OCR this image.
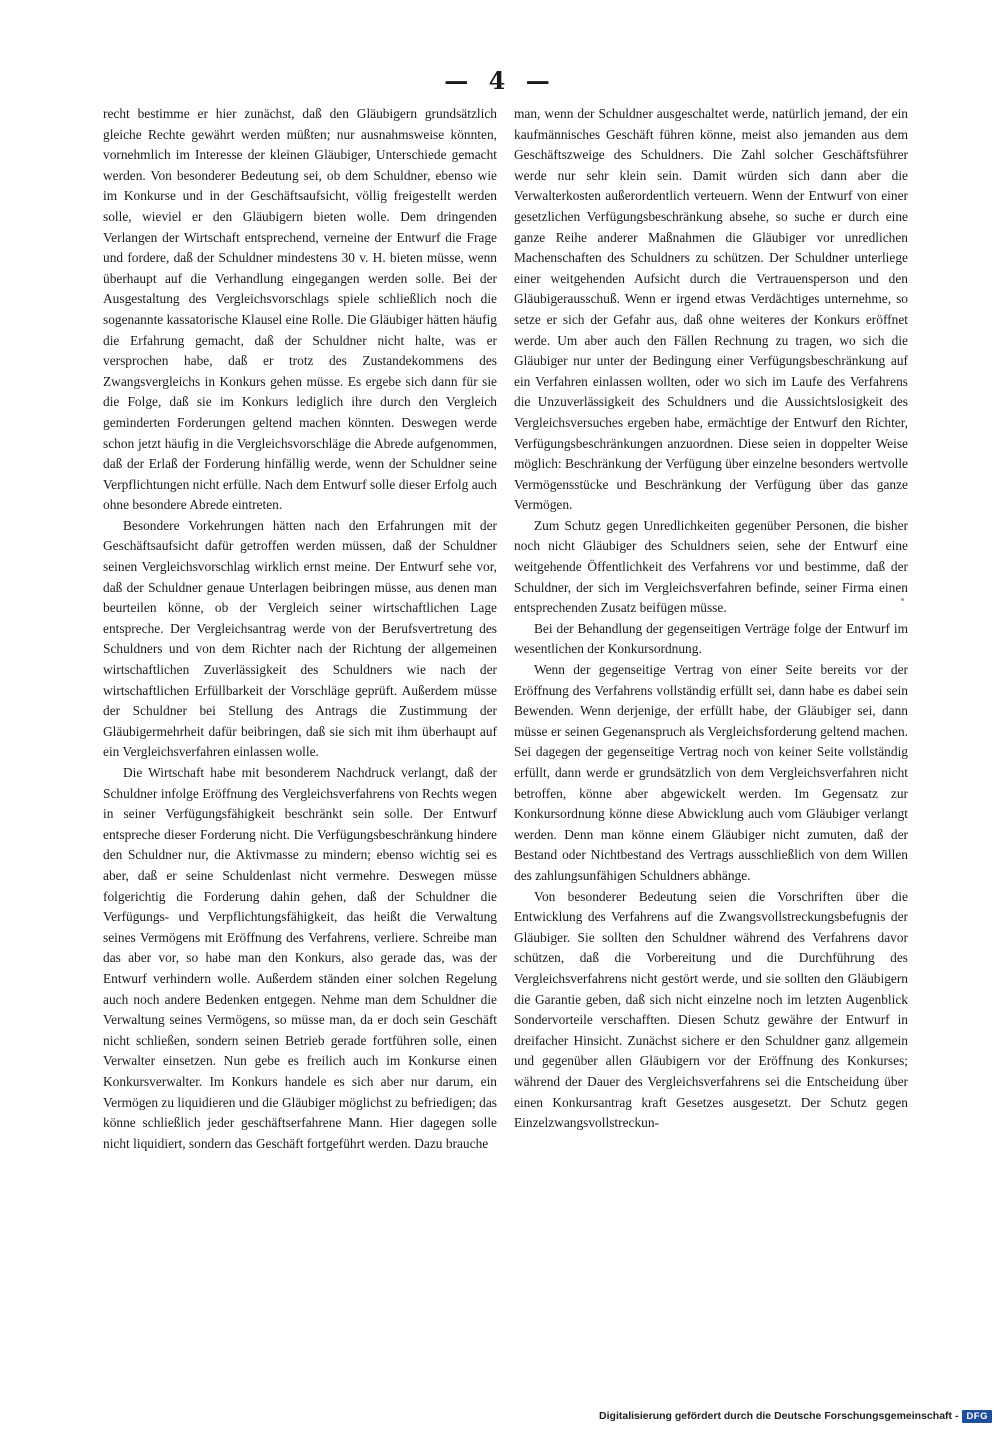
— 4 —

recht bestimme er hier zunächst, daß den Gläubigern grundsätzlich gleiche Rechte gewährt werden müßten; nur ausnahmsweise könnten, vornehmlich im Interesse der kleinen Gläubiger, Unterschiede gemacht werden. Von besonderer Bedeutung sei, ob dem Schuldner, ebenso wie im Konkurse und in der Geschäftsaufsicht, völlig freigestellt werden solle, wieviel er den Gläubigern bieten wolle. Dem dringenden Verlangen der Wirtschaft entsprechend, verneine der Entwurf die Frage und fordere, daß der Schuldner mindestens 30 v. H. bieten müsse, wenn überhaupt auf die Verhandlung eingegangen werden solle. Bei der Ausgestaltung des Vergleichsvorschlags spiele schließlich noch die sogenannte kassatorische Klausel eine Rolle. Die Gläubiger hätten häufig die Erfahrung gemacht, daß der Schuldner nicht halte, was er versprochen habe, daß er trotz des Zustandekommens des Zwangsvergleichs in Konkurs gehen müsse. Es ergebe sich dann für sie die Folge, daß sie im Konkurs lediglich ihre durch den Vergleich geminderten Forderungen geltend machen könnten. Deswegen werde schon jetzt häufig in die Vergleichsvorschläge die Abrede aufgenommen, daß der Erlaß der Forderung hinfällig werde, wenn der Schuldner seine Verpflichtungen nicht erfülle. Nach dem Entwurf solle dieser Erfolg auch ohne besondere Abrede eintreten.

Besondere Vorkehrungen hätten nach den Erfahrungen mit der Geschäftsaufsicht dafür getroffen werden müssen, daß der Schuldner seinen Vergleichsvorschlag wirklich ernst meine. Der Entwurf sehe vor, daß der Schuldner genaue Unterlagen beibringen müsse, aus denen man beurteilen könne, ob der Vergleich seiner wirtschaftlichen Lage entspreche. Der Vergleichsantrag werde von der Berufsvertretung des Schuldners und von dem Richter nach der Richtung der allgemeinen wirtschaftlichen Zuverlässigkeit des Schuldners wie nach der wirtschaftlichen Erfüllbarkeit der Vorschläge geprüft. Außerdem müsse der Schuldner bei Stellung des Antrags die Zustimmung der Gläubigermehrheit dafür beibringen, daß sie sich mit ihm überhaupt auf ein Vergleichsverfahren einlassen wolle.

Die Wirtschaft habe mit besonderem Nachdruck verlangt, daß der Schuldner infolge Eröffnung des Vergleichsverfahrens von Rechts wegen in seiner Verfügungsfähigkeit beschränkt sein solle. Der Entwurf entspreche dieser Forderung nicht. Die Verfügungsbeschränkung hindere den Schuldner nur, die Aktivmasse zu mindern; ebenso wichtig sei es aber, daß er seine Schuldenlast nicht vermehre. Deswegen müsse folgerichtig die Forderung dahin gehen, daß der Schuldner die Verfügungs- und Verpflichtungsfähigkeit, das heißt die Verwaltung seines Vermögens mit Eröffnung des Verfahrens, verliere. Schreibe man das aber vor, so habe man den Konkurs, also gerade das, was der Entwurf verhindern wolle. Außerdem ständen einer solchen Regelung auch noch andere Bedenken entgegen. Nehme man dem Schuldner die Verwaltung seines Vermögens, so müsse man, da er doch sein Geschäft nicht schließen, sondern seinen Betrieb gerade fortführen solle, einen Verwalter einsetzen. Nun gebe es freilich auch im Konkurse einen Konkursverwalter. Im Konkurs handele es sich aber nur darum, ein Vermögen zu liquidieren und die Gläubiger möglichst zu befriedigen; das könne schließlich jeder geschäftserfahrene Mann. Hier dagegen solle nicht liquidiert, sondern das Geschäft fortgeführt werden. Dazu brauche

man, wenn der Schuldner ausgeschaltet werde, natürlich jemand, der ein kaufmännisches Geschäft führen könne, meist also jemanden aus dem Geschäftszweige des Schuldners. Die Zahl solcher Geschäftsführer werde nur sehr klein sein. Damit würden sich dann aber die Verwalterkosten außerordentlich verteuern. Wenn der Entwurf von einer gesetzlichen Verfügungsbeschränkung absehe, so suche er durch eine ganze Reihe anderer Maßnahmen die Gläubiger vor unredlichen Machenschaften des Schuldners zu schützen. Der Schuldner unterliege einer weitgehenden Aufsicht durch die Vertrauensperson und den Gläubigerausschuß. Wenn er irgend etwas Verdächtiges unternehme, so setze er sich der Gefahr aus, daß ohne weiteres der Konkurs eröffnet werde. Um aber auch den Fällen Rechnung zu tragen, wo sich die Gläubiger nur unter der Bedingung einer Verfügungsbeschränkung auf ein Verfahren einlassen wollten, oder wo sich im Laufe des Verfahrens die Unzuverlässigkeit des Schuldners und die Aussichtslosigkeit des Vergleichsversuches ergeben habe, ermächtige der Entwurf den Richter, Verfügungsbeschränkungen anzuordnen. Diese seien in doppelter Weise möglich: Beschränkung der Verfügung über einzelne besonders wertvolle Vermögensstücke und Beschränkung der Verfügung über das ganze Vermögen.

Zum Schutz gegen Unredlichkeiten gegenüber Personen, die bisher noch nicht Gläubiger des Schuldners seien, sehe der Entwurf eine weitgehende Öffentlichkeit des Verfahrens vor und bestimme, daß der Schuldner, der sich im Vergleichsverfahren befinde, seiner Firma einen entsprechenden Zusatz beifügen müsse.

Bei der Behandlung der gegenseitigen Verträge folge der Entwurf im wesentlichen der Konkursordnung.

Wenn der gegenseitige Vertrag von einer Seite bereits vor der Eröffnung des Verfahrens vollständig erfüllt sei, dann habe es dabei sein Bewenden. Wenn derjenige, der erfüllt habe, der Gläubiger sei, dann müsse er seinen Gegenanspruch als Vergleichsforderung geltend machen. Sei dagegen der gegenseitige Vertrag noch von keiner Seite vollständig erfüllt, dann werde er grundsätzlich von dem Vergleichsverfahren nicht betroffen, könne aber abgewickelt werden. Im Gegensatz zur Konkursordnung könne diese Abwicklung auch vom Gläubiger verlangt werden. Denn man könne einem Gläubiger nicht zumuten, daß der Bestand oder Nichtbestand des Vertrags ausschließlich von dem Willen des zahlungsunfähigen Schuldners abhänge.

Von besonderer Bedeutung seien die Vorschriften über die Entwicklung des Verfahrens auf die Zwangsvollstreckungsbefugnis der Gläubiger. Sie sollten den Schuldner während des Verfahrens davor schützen, daß die Vorbereitung und die Durchführung des Vergleichsverfahrens nicht gestört werde, und sie sollten den Gläubigern die Garantie geben, daß sich nicht einzelne noch im letzten Augenblick Sondervorteile verschafften. Diesen Schutz gewähre der Entwurf in dreifacher Hinsicht. Zunächst sichere er den Schuldner ganz allgemein und gegenüber allen Gläubigern vor der Eröffnung des Konkurses; während der Dauer des Vergleichsverfahrens sei die Entscheidung über einen Konkursantrag kraft Gesetzes ausgesetzt. Der Schutz gegen Einzelzwangsvollstreckun-

Digitalisierung gefördert durch die Deutsche Forschungsgemeinschaft - DFG
